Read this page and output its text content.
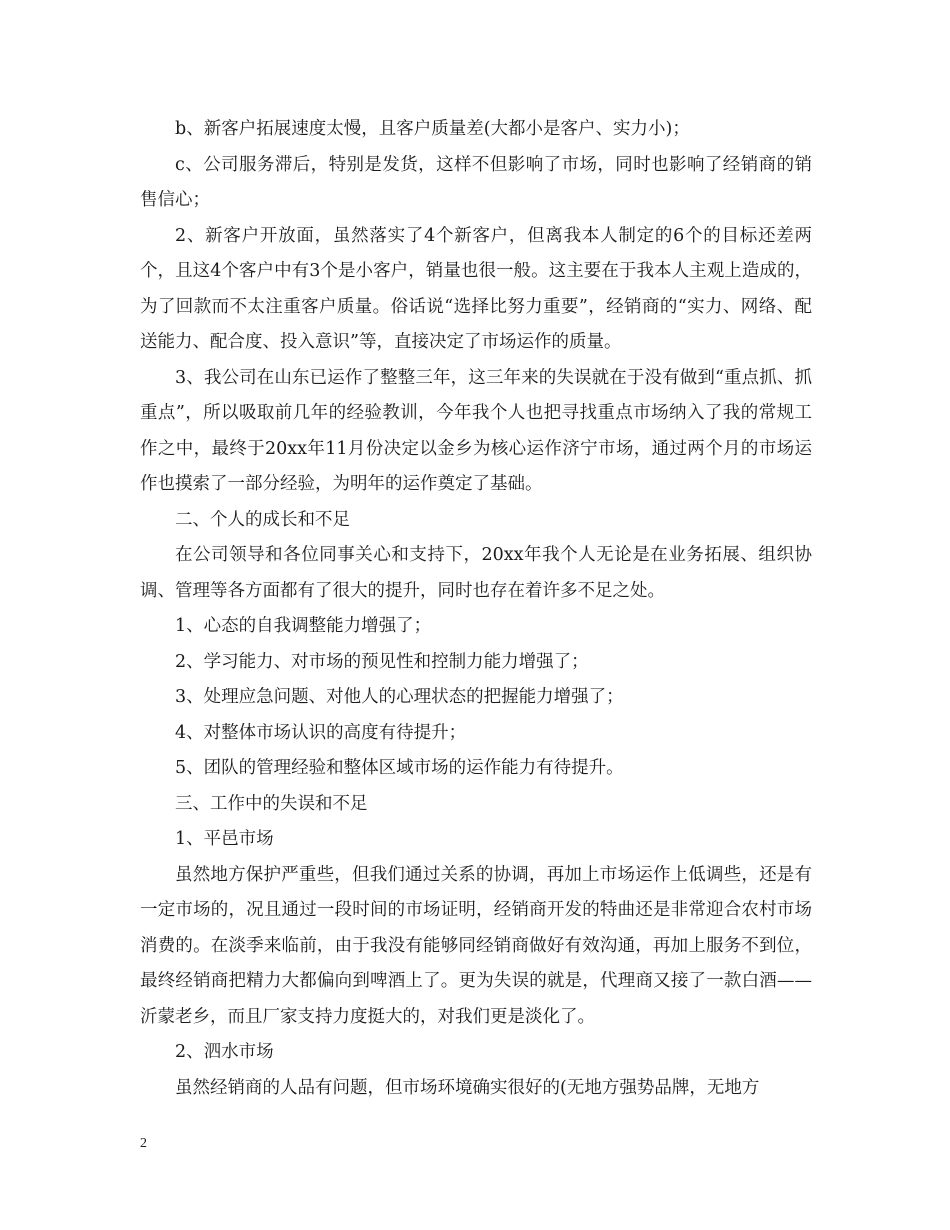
b、新客户拓展速度太慢，且客户质量差(大都小是客户、实力小)；

c、公司服务滞后，特别是发货，这样不但影响了市场，同时也影响了经销商的销售信心；

2、新客户开放面，虽然落实了4个新客户，但离我本人制定的6个的目标还差两个，且这4个客户中有3个是小客户，销量也很一般。这主要在于我本人主观上造成的，为了回款而不太注重客户质量。俗话说“选择比努力重要”，经销商的“实力、网络、配送能力、配合度、投入意识”等，直接决定了市场运作的质量。

3、我公司在山东已运作了整整三年，这三年来的失误就在于没有做到“重点抓、抓重点”，所以吸取前几年的经验教训，今年我个人也把寻找重点市场纳入了我的常规工作之中，最终于20xx年11月份决定以金乡为核心运作济宁市场，通过两个月的市场运作也摸索了一部分经验，为明年的运作奠定了基础。

二、个人的成长和不足

在公司领导和各位同事关心和支持下，20xx年我个人无论是在业务拓展、组织协调、管理等各方面都有了很大的提升，同时也存在着许多不足之处。

1、心态的自我调整能力增强了；

2、学习能力、对市场的预见性和控制力能力增强了；

3、处理应急问题、对他人的心理状态的把握能力增强了；

4、对整体市场认识的高度有待提升；

5、团队的管理经验和整体区域市场的运作能力有待提升。

三、工作中的失误和不足

1、平邑市场

虽然地方保护严重些，但我们通过关系的协调，再加上市场运作上低调些，还是有一定市场的，况且通过一段时间的市场证明，经销商开发的特曲还是非常迎合农村市场消费的。在淡季来临前，由于我没有能够同经销商做好有效沟通，再加上服务不到位，最终经销商把精力大都偏向到啤酒上了。更为失误的就是，代理商又接了一款白酒——沂蒙老乡，而且厂家支持力度挺大的，对我们更是淡化了。

2、泗水市场

虽然经销商的人品有问题，但市场环境确实很好的(无地方强势品牌，无地方

2
